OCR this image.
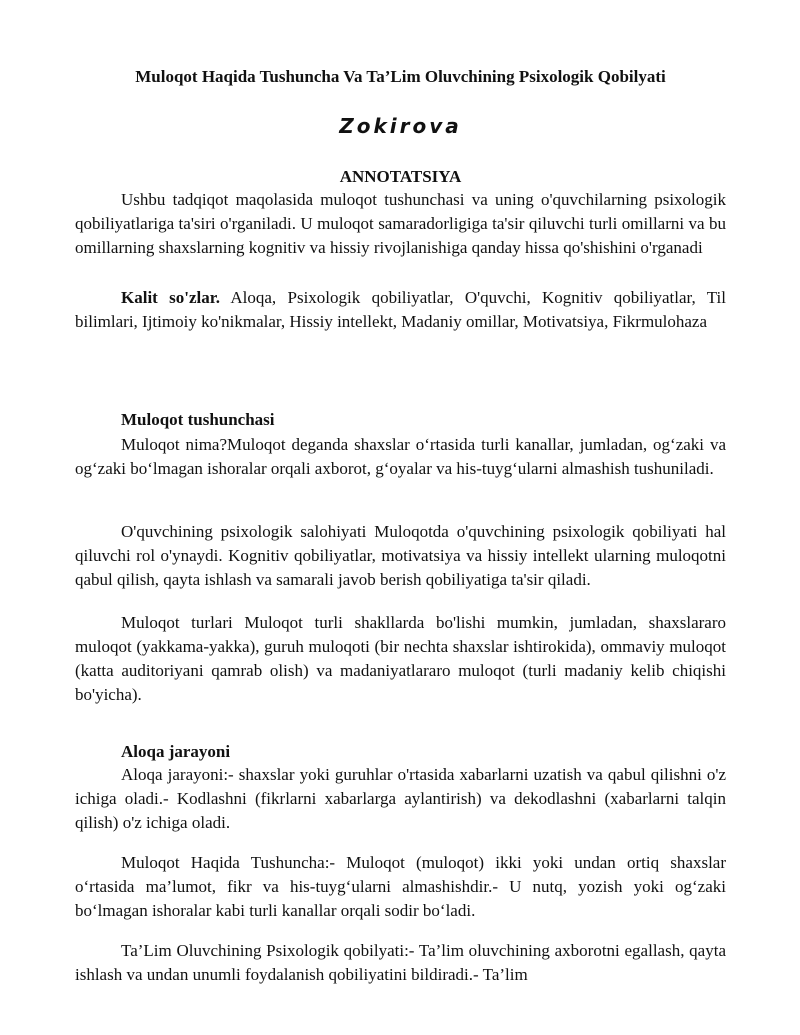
Muloqot Haqida Tushuncha Va Ta’Lim Oluvchining Psixologik Qobilyati
Zokirova
ANNOTATSIYA

Ushbu tadqiqot maqolasida muloqot tushunchasi va uning o'quvchilarning psixologik qobiliyatlariga ta'siri o'rganiladi. U muloqot samaradorligiga ta'sir qiluvchi turli omillarni va bu omillarning shaxslarning kognitiv va hissiy rivojlanishiga qanday hissa qo'shishini o'rganadi

Kalit so'zlar. Aloqa, Psixologik qobiliyatlar, O'quvchi, Kognitiv qobiliyatlar, Til bilimlari, Ijtimoiy ko'nikmalar, Hissiy intellekt, Madaniy omillar, Motivatsiya, Fikrmulohaza

Muloqot tushunchasi

Muloqot nima?Muloqot deganda shaxslar o‘rtasida turli kanallar, jumladan, og‘zaki va og‘zaki bo‘lmagan ishoralar orqali axborot, g‘oyalar va his-tuyg‘ularni almashish tushuniladi.

O'quvchining psixologik salohiyati Muloqotda o'quvchining psixologik qobiliyati hal qiluvchi rol o'ynaydi. Kognitiv qobiliyatlar, motivatsiya va hissiy intellekt ularning muloqotni qabul qilish, qayta ishlash va samarali javob berish qobiliyatiga ta'sir qiladi.

Muloqot turlari Muloqot turli shakllarda bo'lishi mumkin, jumladan, shaxslararo muloqot (yakkama-yakka), guruh muloqoti (bir nechta shaxslar ishtirokida), ommaviy muloqot (katta auditoriyani qamrab olish) va madaniyatlararo muloqot (turli madaniy kelib chiqishi bo'yicha).

Aloqa jarayoni

Aloqa jarayoni:- shaxslar yoki guruhlar o'rtasida xabarlarni uzatish va qabul qilishni o'z ichiga oladi.- Kodlashni (fikrlarni xabarlarga aylantirish) va dekodlashni (xabarlarni talqin qilish) o'z ichiga oladi.

Muloqot Haqida Tushuncha:- Muloqot (muloqot) ikki yoki undan ortiq shaxslar o‘rtasida ma’lumot, fikr va his-tuyg‘ularni almashishdir.- U nutq, yozish yoki og‘zaki bo‘lmagan ishoralar kabi turli kanallar orqali sodir bo‘ladi.

Ta’Lim Oluvchining Psixologik qobilyati:- Ta’lim oluvchining axborotni egallash, qayta ishlash va undan unumli foydalanish qobiliyatini bildiradi.- Ta’lim
